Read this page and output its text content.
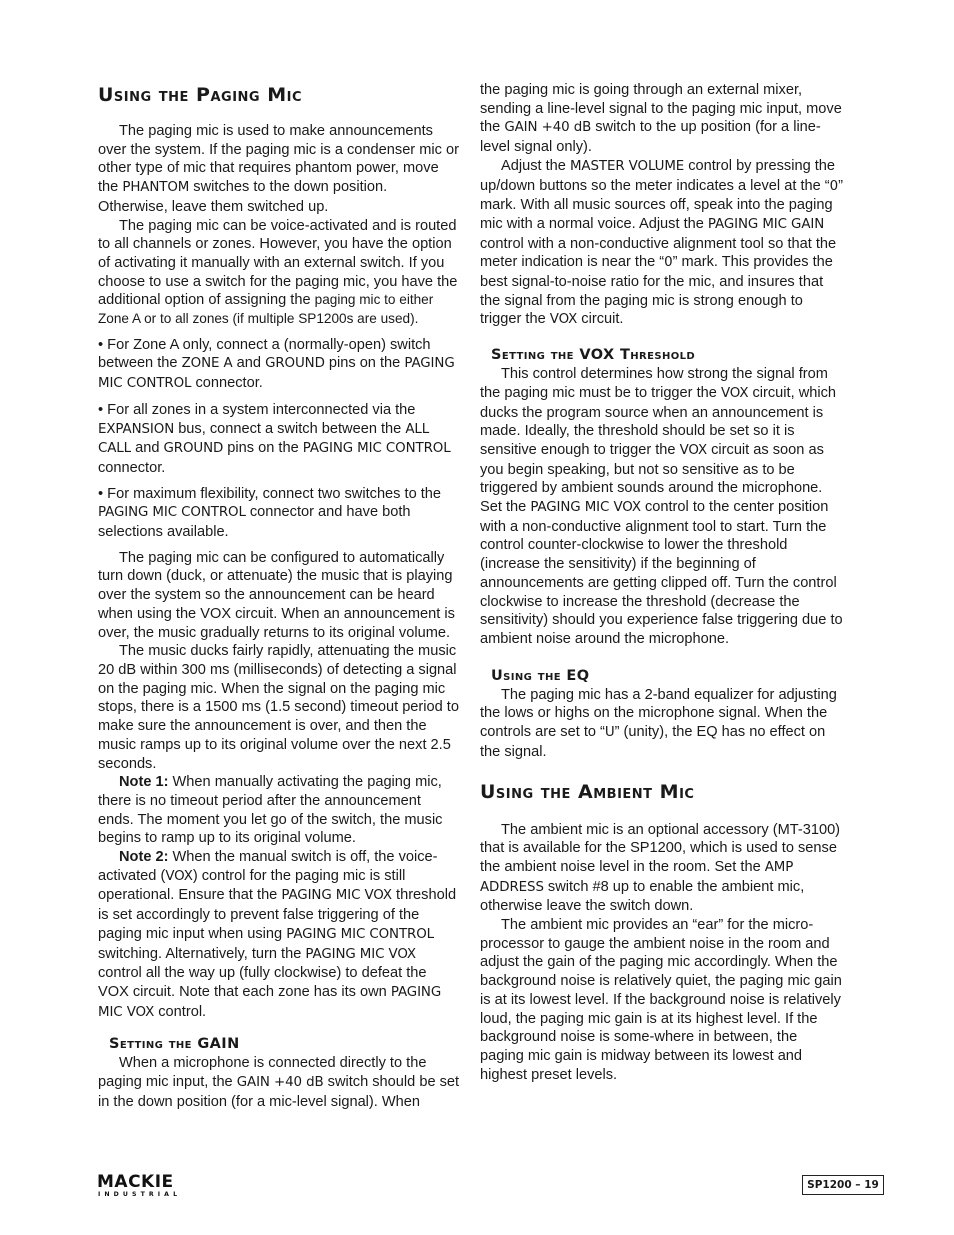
Using the Paging Mic

The paging mic is used to make announcements over the system. If the paging mic is a condenser mic or other type of mic that requires phantom power, move the PHANTOM switches to the down position. Otherwise, leave them switched up.

The paging mic can be voice-activated and is routed to all channels or zones. However, you have the option of activating it manually with an external switch. If you choose to use a switch for the paging mic, you have the additional option of assigning the paging mic to either Zone A or to all zones (if multiple SP1200s are used).

• For Zone A only, connect a (normally-open) switch between the ZONE A and GROUND pins on the PAGING MIC CONTROL connector.

• For all zones in a system interconnected via the EXPANSION bus, connect a switch between the ALL CALL and GROUND pins on the PAGING MIC CONTROL connector.

• For maximum flexibility, connect two switches to the PAGING MIC CONTROL connector and have both selections available.

The paging mic can be configured to automatically turn down (duck, or attenuate) the music that is playing over the system so the announcement can be heard when using the VOX circuit. When an announcement is over, the music gradually returns to its original volume.

The music ducks fairly rapidly, attenuating the music 20 dB within 300 ms (milliseconds) of detecting a signal on the paging mic. When the signal on the paging mic stops, there is a 1500 ms (1.5 second) timeout period to make sure the announcement is over, and then the music ramps up to its original volume over the next 2.5 seconds.

Note 1: When manually activating the paging mic, there is no timeout period after the announcement ends. The moment you let go of the switch, the music begins to ramp up to its original volume.

Note 2: When the manual switch is off, the voice-activated (VOX) control for the paging mic is still operational. Ensure that the PAGING MIC VOX threshold is set accordingly to prevent false triggering of the paging mic input when using PAGING MIC CONTROL switching. Alternatively, turn the PAGING MIC VOX control all the way up (fully clockwise) to defeat the VOX circuit. Note that each zone has its own PAGING MIC VOX control.

Setting the GAIN

When a microphone is connected directly to the paging mic input, the GAIN +40 dB switch should be set in the down position (for a mic-level signal). When

the paging mic is going through an external mixer, sending a line-level signal to the paging mic input, move the GAIN +40 dB switch to the up position (for a line-level signal only).

Adjust the MASTER VOLUME control by pressing the up/down buttons so the meter indicates a level at the “0” mark. With all music sources off, speak into the paging mic with a normal voice. Adjust the PAGING MIC GAIN control with a non-conductive alignment tool so that the meter indication is near the “0” mark. This provides the best signal-to-noise ratio for the mic, and insures that the signal from the paging mic is strong enough to trigger the VOX circuit.

Setting the VOX Threshold

This control determines how strong the signal from the paging mic must be to trigger the VOX circuit, which ducks the program source when an announcement is made. Ideally, the threshold should be set so it is sensitive enough to trigger the VOX circuit as soon as you begin speaking, but not so sensitive as to be triggered by ambient sounds around the microphone. Set the PAGING MIC VOX control to the center position with a non-conductive alignment tool to start. Turn the control counter-clockwise to lower the threshold (increase the sensitivity) if the beginning of announcements are getting clipped off. Turn the control clockwise to increase the threshold (decrease the sensitivity) should you experience false triggering due to ambient noise around the microphone.

Using the EQ

The paging mic has a 2-band equalizer for adjusting the lows or highs on the microphone signal. When the controls are set to “U” (unity), the EQ has no effect on the signal.

Using the Ambient Mic

The ambient mic is an optional accessory (MT-3100) that is available for the SP1200, which is used to sense the ambient noise level in the room. Set the AMP ADDRESS switch #8 up to enable the ambient mic, otherwise leave the switch down.

The ambient mic provides an “ear” for the micro-processor to gauge the ambient noise in the room and adjust the gain of the paging mic accordingly. When the background noise is relatively quiet, the paging mic gain is at its lowest level. If the background noise is relatively loud, the paging mic gain is at its highest level. If the background noise is some-where in between, the paging mic gain is midway between its lowest and highest preset levels.

MACKIE
INDUSTRIAL
SP1200 – 19
